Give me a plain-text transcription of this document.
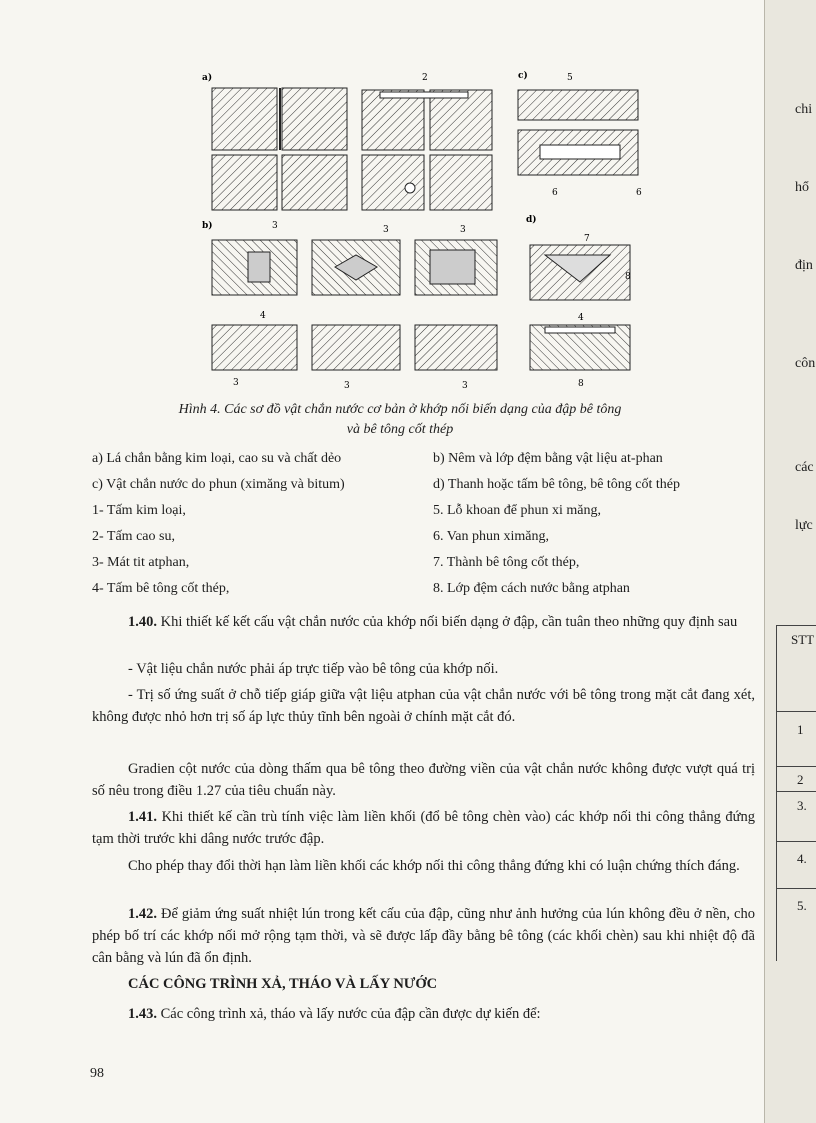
chi
hổ
địn
côn
các
lực
STT
1
2
3.
4.
5.
a)	2	c)	5
6	6
b)	3	3	3
d)
7
8
4
3	3	3
4
8
Hình 4. Các sơ đồ vật chắn nước cơ bản ở khớp nối biến dạng của đập bê tông
và bê tông cốt thép
a) Lá chắn bằng kim loại, cao su và chất dẻo
c) Vật chắn nước do phun (ximăng và bitum)
1- Tấm kim loại,
2- Tấm cao su,
3- Mát tit atphan,
4- Tấm bê tông cốt thép,
b) Nêm và lớp đệm bằng vật liệu at-phan
d) Thanh hoặc tấm bê tông, bê tông cốt thép
5. Lỗ khoan để phun xi măng,
6. Van phun ximăng,
7. Thành bê tông cốt thép,
8. Lớp đệm cách nước bằng atphan
1.40. Khi thiết kế kết cấu vật chắn nước của khớp nối biến dạng ở đập, cần tuân theo những quy định sau
- Vật liệu chắn nước phải áp trực tiếp vào bê tông của khớp nối.
- Trị số ứng suất ở chỗ tiếp giáp giữa vật liệu atphan của vật chắn nước với bê tông trong mặt cắt đang xét, không được nhỏ hơn trị số áp lực thủy tĩnh bên ngoài ở chính mặt cắt đó.
Gradien cột nước của dòng thấm qua bê tông theo đường viền của vật chắn nước không được vượt quá trị số nêu trong điều 1.27 của tiêu chuẩn này.
1.41. Khi thiết kế cần trù tính việc làm liền khối (đổ bê tông chèn vào) các khớp nối thi công thẳng đứng tạm thời trước khi dâng nước trước đập.
Cho phép thay đổi thời hạn làm liền khối các khớp nối thi công thẳng đứng khi có luận chứng thích đáng.
1.42. Để giảm ứng suất nhiệt lún trong kết cấu của đập, cũng như ảnh hưởng của lún không đều ở nền, cho phép bố trí các khớp nối mở rộng tạm thời, và sẽ được lấp đầy bằng bê tông (các khối chèn) sau khi nhiệt độ đã cân bằng và lún đã ổn định.
CÁC CÔNG TRÌNH XẢ, THÁO VÀ LẤY NƯỚC
1.43. Các công trình xả, tháo và lấy nước của đập cần được dự kiến để:
98
